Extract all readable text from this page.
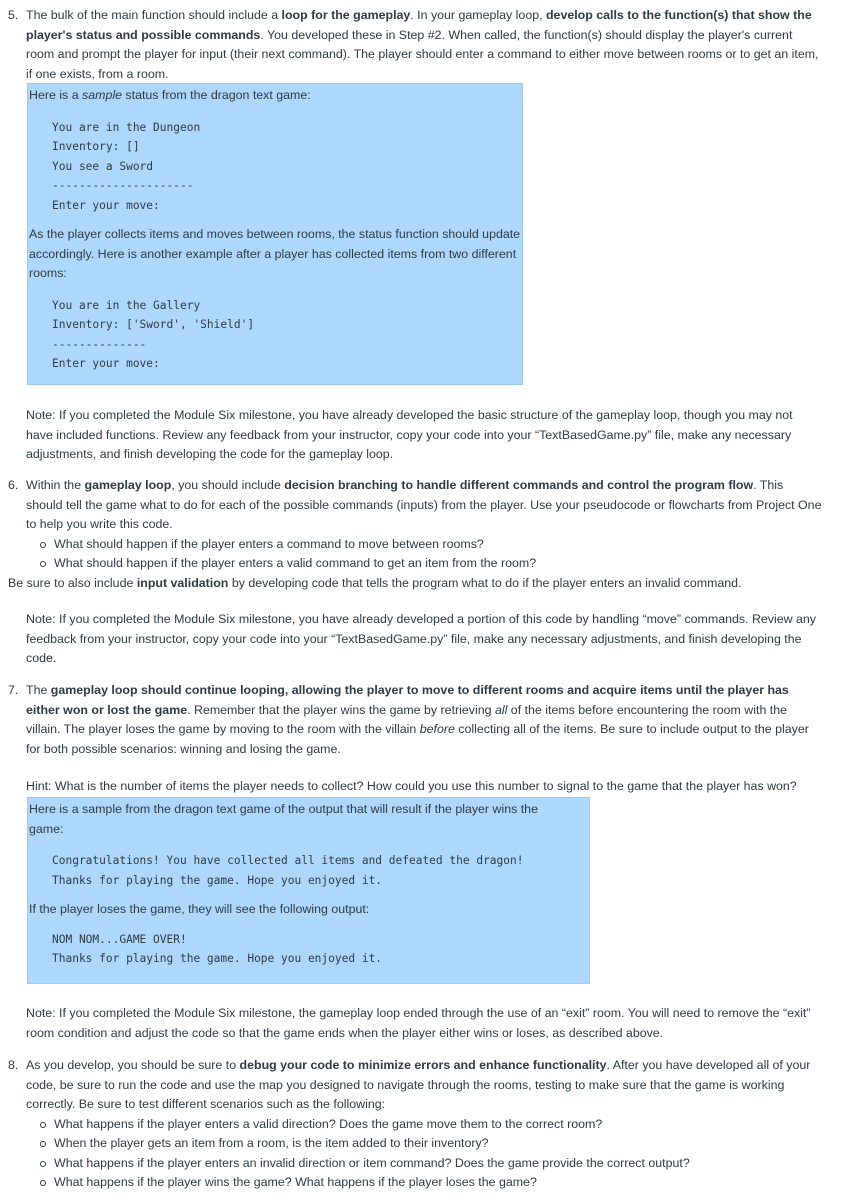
5. The bulk of the main function should include a loop for the gameplay. In your gameplay loop, develop calls to the function(s) that show the player's status and possible commands. You developed these in Step #2. When called, the function(s) should display the player's current room and prompt the player for input (their next command). The player should enter a command to either move between rooms or to get an item, if one exists, from a room.
Here is a sample status from the dragon text game:
You are in the Dungeon
Inventory: []
You see a Sword
---------------------
Enter your move:
As the player collects items and moves between rooms, the status function should update accordingly. Here is another example after a player has collected items from two different rooms:
You are in the Gallery
Inventory: ['Sword', 'Shield']
--------------
Enter your move:
Note: If you completed the Module Six milestone, you have already developed the basic structure of the gameplay loop, though you may not have included functions. Review any feedback from your instructor, copy your code into your “TextBasedGame.py” file, make any necessary adjustments, and finish developing the code for the gameplay loop.
6. Within the gameplay loop, you should include decision branching to handle different commands and control the program flow. This should tell the game what to do for each of the possible commands (inputs) from the player. Use your pseudocode or flowcharts from Project One to help you write this code.
What should happen if the player enters a command to move between rooms?
What should happen if the player enters a valid command to get an item from the room?
Be sure to also include input validation by developing code that tells the program what to do if the player enters an invalid command.
Note: If you completed the Module Six milestone, you have already developed a portion of this code by handling “move” commands. Review any feedback from your instructor, copy your code into your “TextBasedGame.py” file, make any necessary adjustments, and finish developing the code.
7. The gameplay loop should continue looping, allowing the player to move to different rooms and acquire items until the player has either won or lost the game. Remember that the player wins the game by retrieving all of the items before encountering the room with the villain. The player loses the game by moving to the room with the villain before collecting all of the items. Be sure to include output to the player for both possible scenarios: winning and losing the game.
Hint: What is the number of items the player needs to collect? How could you use this number to signal to the game that the player has won?
Here is a sample from the dragon text game of the output that will result if the player wins the game:
Congratulations! You have collected all items and defeated the dragon!
Thanks for playing the game. Hope you enjoyed it.
If the player loses the game, they will see the following output:
NOM NOM...GAME OVER!
Thanks for playing the game. Hope you enjoyed it.
Note: If you completed the Module Six milestone, the gameplay loop ended through the use of an “exit” room. You will need to remove the “exit” room condition and adjust the code so that the game ends when the player either wins or loses, as described above.
8. As you develop, you should be sure to debug your code to minimize errors and enhance functionality. After you have developed all of your code, be sure to run the code and use the map you designed to navigate through the rooms, testing to make sure that the game is working correctly. Be sure to test different scenarios such as the following:
What happens if the player enters a valid direction? Does the game move them to the correct room?
When the player gets an item from a room, is the item added to their inventory?
What happens if the player enters an invalid direction or item command? Does the game provide the correct output?
What happens if the player wins the game? What happens if the player loses the game?
